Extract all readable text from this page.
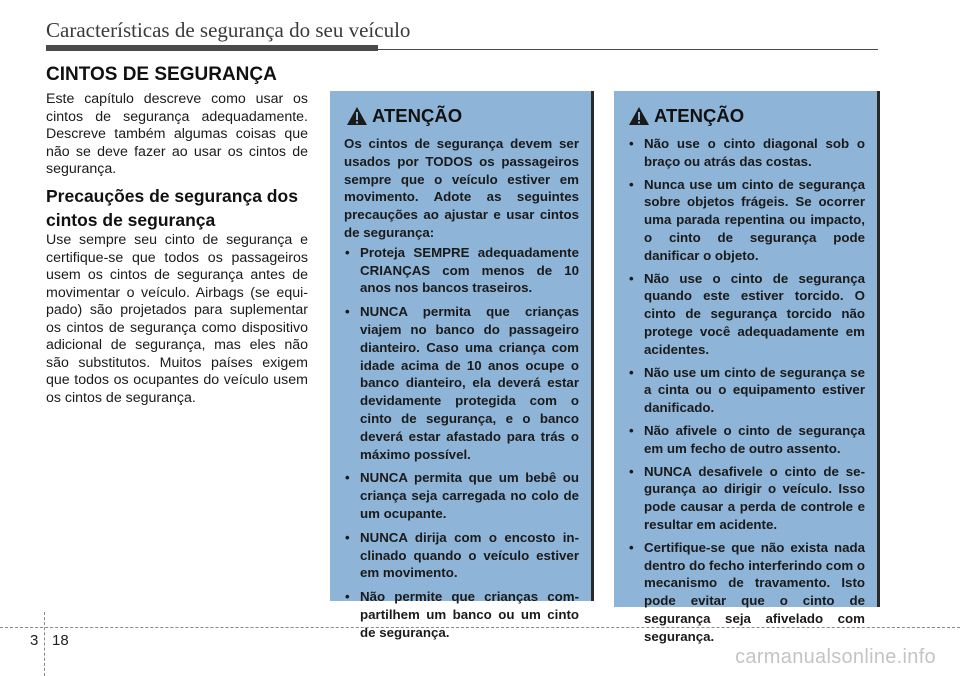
Características de segurança do seu veículo
CINTOS DE SEGURANÇA

Este capítulo descreve como usar os cintos de segurança adequadamente. Descreve também algumas coisas que não se deve fazer ao usar os cintos de segurança.

Precauções de segurança dos cintos de segurança

Use sempre seu cinto de segurança e certifique-se que todos os passageiros usem os cintos de segurança antes de movimentar o veículo. Airbags (se equipado) são projetados para suplementar os cintos de segurança como dispositivo adicional de segurança, mas eles não são substitutos. Muitos países exigem que todos os ocupantes do veículo usem os cintos de segurança.

ATENÇÃO

Os cintos de segurança devem ser usados por TODOS os passageiros sempre que o veículo estiver em movimento. Adote as seguintes precauções ao ajustar e usar cintos de segurança:

• Proteja SEMPRE adequadamente CRIANÇAS com menos de 10 anos nos bancos traseiros.
• NUNCA permita que crianças viajem no banco do passageiro dianteiro. Caso uma criança com idade acima de 10 anos ocupe o banco dianteiro, ela deverá estar devidamente protegida com o cinto de segurança, e o banco deverá estar afastado para trás o máximo possível.
• NUNCA permita que um bebê ou criança seja carregada no colo de um ocupante.
• NUNCA dirija com o encosto inclinado quando o veículo estiver em movimento.
• Não permite que crianças compartilhem um banco ou um cinto de segurança.
ATENÇÃO
• Não use o cinto diagonal sob o braço ou atrás das costas.
• Nunca use um cinto de segurança sobre objetos frágeis. Se ocorrer uma parada repentina ou impacto, o cinto de segurança pode danificar o objeto.
• Não use o cinto de segurança quando este estiver torcido. O cinto de segurança torcido não protege você adequadamente em acidentes.
• Não use um cinto de segurança se a cinta ou o equipamento estiver danificado.
• Não afivele o cinto de segurança em um fecho de outro assento.
• NUNCA desafivele o cinto de segurança ao dirigir o veículo. Isso pode causar a perda de controle e resultar em acidente.
• Certifique-se que não exista nada dentro do fecho interferindo com o mecanismo de travamento. Isto pode evitar que o cinto de segurança seja afivelado com segurança.
3 18
carmanualsonline.info
